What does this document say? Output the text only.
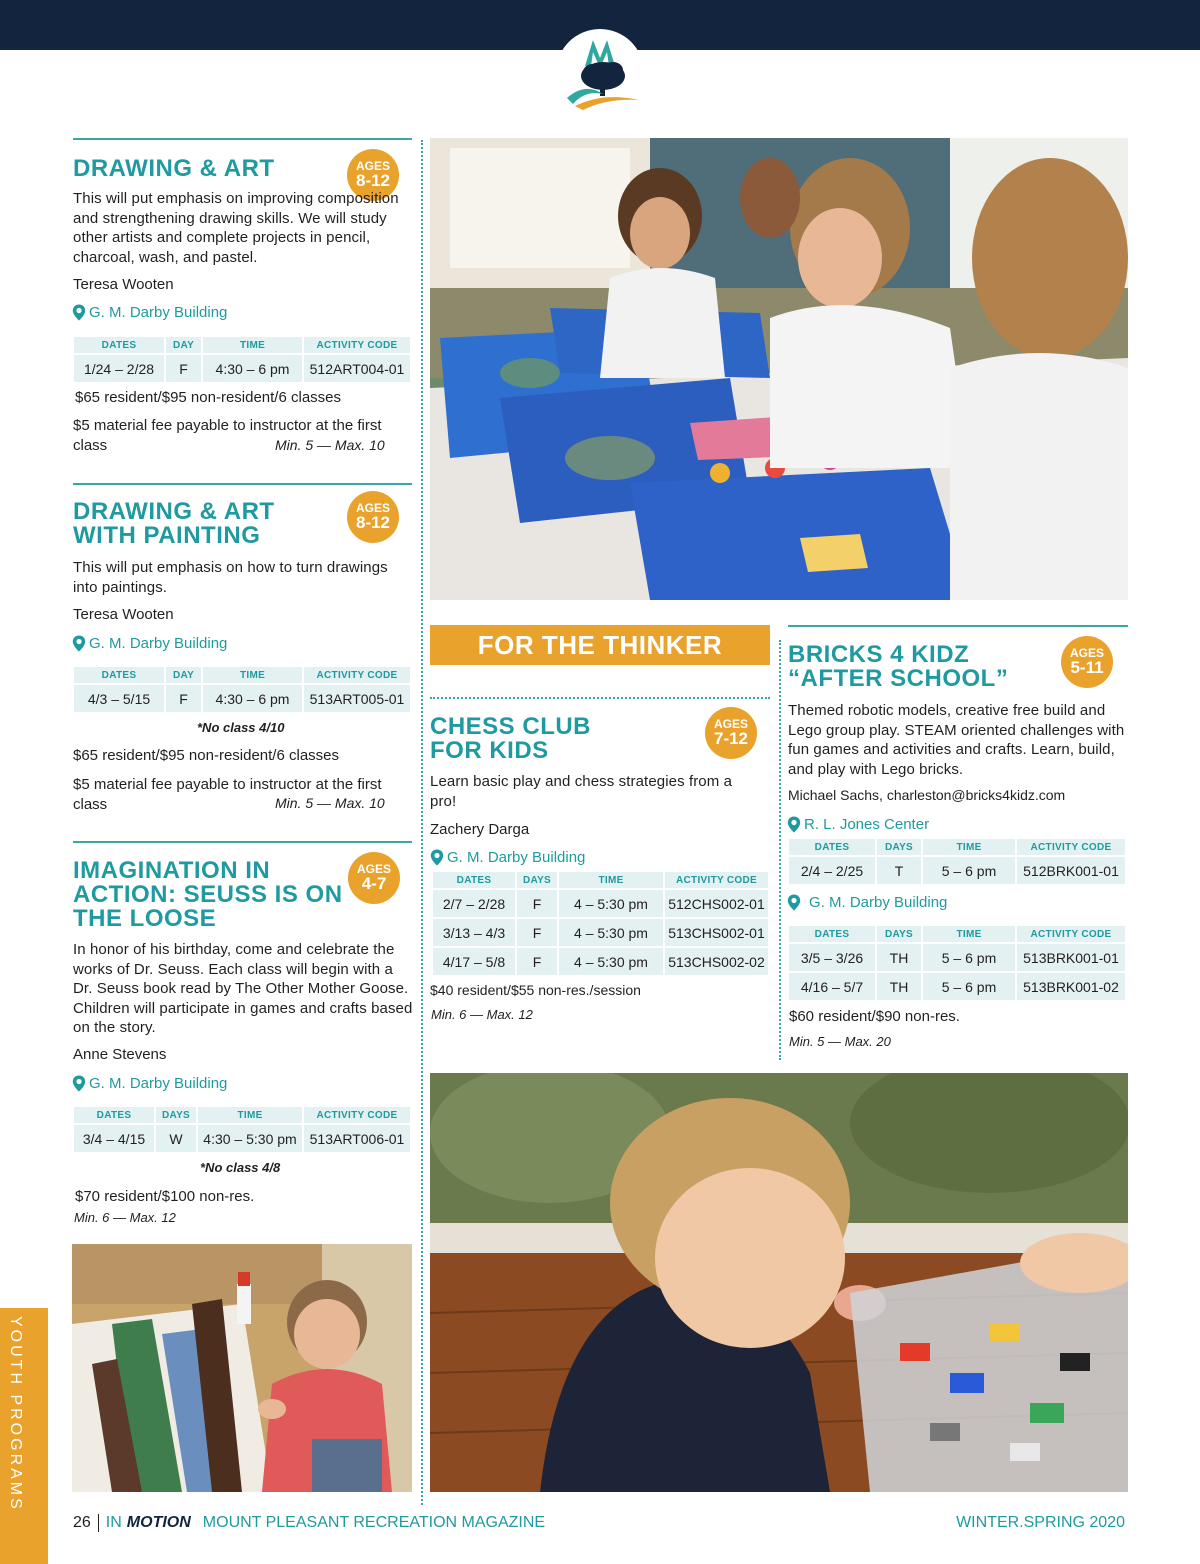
DRAWING & ART	AGES
8-12
This will put emphasis on improving composition and strengthening drawing skills. We will study other artists and complete projects in pencil, charcoal, wash, and pastel.
Teresa Wooten
G. M. Darby Building
DATES	DAY	TIME	ACTIVITY CODE
1/24 – 2/28	F	4:30 – 6 pm	512ART004-01
$65 resident/$95 non-resident/6 classes
$5 material fee payable to instructor at the first
class	Min. 5 — Max. 10
DRAWING & ART
WITH PAINTING
AGES
8-12
This will put emphasis on how to turn drawings into paintings.
Teresa Wooten
G. M. Darby Building
DATES	DAY	TIME	ACTIVITY CODE
4/3 – 5/15	F	4:30 – 6 pm	513ART005-01
*No class 4/10
$65 resident/$95 non-resident/6 classes
$5 material fee payable to instructor at the first
class	Min. 5 — Max. 10
IMAGINATION IN
ACTION: SEUSS IS ON
THE LOOSE
AGES
4-7
In honor of his birthday, come and celebrate the works of Dr. Seuss. Each class will begin with a Dr. Seuss book read by The Other Mother Goose. Children will participate in games and crafts based on the story.
Anne Stevens
G. M. Darby Building
DATES	DAYS	TIME	ACTIVITY CODE
3/4 – 4/15	W	4:30 – 5:30 pm	513ART006-01
*No class 4/8
$70 resident/$100 non-res.
Min. 6 — Max. 12
FOR THE THINKER
CHESS CLUB
FOR KIDS
AGES
7-12
Learn basic play and chess strategies from a pro!
Zachery Darga
G. M. Darby Building
DATES	DAYS	TIME	ACTIVITY CODE
2/7 – 2/28	F	4 – 5:30 pm	512CHS002-01
3/13 – 4/3	F	4 – 5:30 pm	513CHS002-01
4/17 – 5/8	F	4 – 5:30 pm	513CHS002-02
$40 resident/$55 non-res./session
Min. 6 — Max. 12
BRICKS 4 KIDZ
“AFTER SCHOOL”
AGES
5-11
Themed robotic models, creative free build and Lego group play. STEAM oriented challenges with fun games and activities and crafts. Learn, build, and play with Lego bricks.
Michael Sachs, charleston@bricks4kidz.com
R. L. Jones Center
DATES	DAYS	TIME	ACTIVITY CODE
2/4 – 2/25	T	5 – 6 pm	512BRK001-01
G. M. Darby Building
DATES	DAYS	TIME	ACTIVITY CODE
3/5 – 3/26	TH	5 – 6 pm	513BRK001-01
4/16 – 5/7	TH	5 – 6 pm	513BRK001-02
$60 resident/$90 non-res.
Min. 5 — Max. 20
YOUTH PROGRAMS
26 IN MOTION MOUNT PLEASANT RECREATION MAGAZINE	WINTER.SPRING 2020
